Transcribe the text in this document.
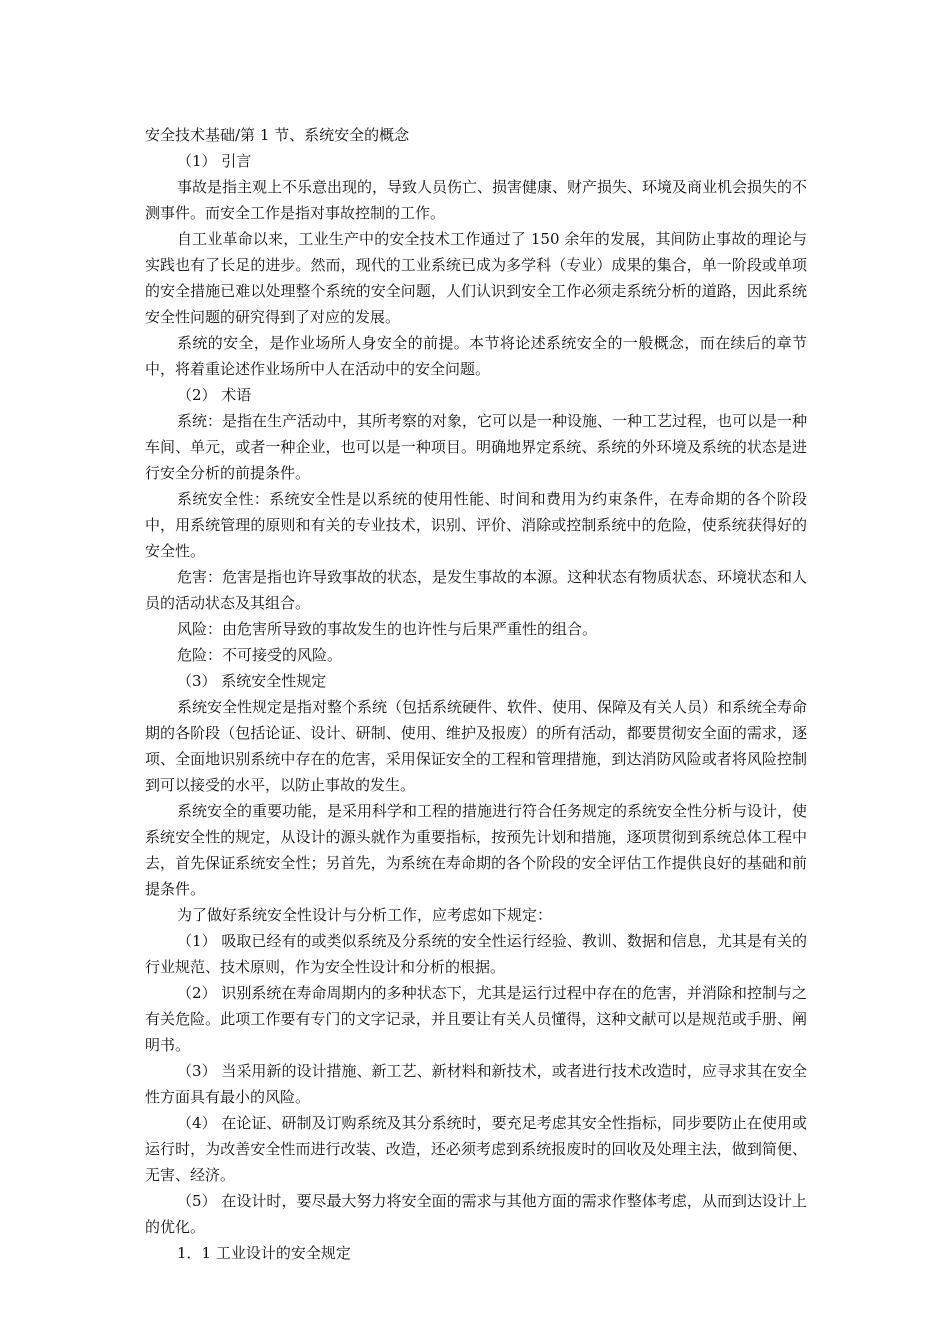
安全技术基础/第 1 节、系统安全的概念

（1） 引言

事故是指主观上不乐意出现的，导致人员伤亡、损害健康、财产损失、环境及商业机会损失的不测事件。而安全工作是指对事故控制的工作。

自工业革命以来，工业生产中的安全技术工作通过了 150 余年的发展，其间防止事故的理论与实践也有了长足的进步。然而，现代的工业系统已成为多学科（专业）成果的集合，单一阶段或单项的安全措施已难以处理整个系统的安全问题，人们认识到安全工作必须走系统分析的道路，因此系统安全性问题的研究得到了对应的发展。

系统的安全，是作业场所人身安全的前提。本节将论述系统安全的一般概念，而在续后的章节中，将着重论述作业场所中人在活动中的安全问题。

（2） 术语

系统：是指在生产活动中，其所考察的对象，它可以是一种设施、一种工艺过程，也可以是一种车间、单元，或者一种企业，也可以是一种项目。明确地界定系统、系统的外环境及系统的状态是进行安全分析的前提条件。

系统安全性：系统安全性是以系统的使用性能、时间和费用为约束条件，在寿命期的各个阶段中，用系统管理的原则和有关的专业技术，识别、评价、消除或控制系统中的危险，使系统获得好的安全性。

危害：危害是指也许导致事故的状态，是发生事故的本源。这种状态有物质状态、环境状态和人员的活动状态及其组合。

风险：由危害所导致的事故发生的也许性与后果严重性的组合。

危险：不可接受的风险。

（3） 系统安全性规定

系统安全性规定是指对整个系统（包括系统硬件、软件、使用、保障及有关人员）和系统全寿命期的各阶段（包括论证、设计、研制、使用、维护及报废）的所有活动，都要贯彻安全面的需求，逐项、全面地识别系统中存在的危害，采用保证安全的工程和管理措施，到达消防风险或者将风险控制到可以接受的水平，以防止事故的发生。

系统安全的重要功能，是采用科学和工程的措施进行符合任务规定的系统安全性分析与设计，使系统安全性的规定，从设计的源头就作为重要指标，按预先计划和措施，逐项贯彻到系统总体工程中去，首先保证系统安全性；另首先，为系统在寿命期的各个阶段的安全评估工作提供良好的基础和前提条件。

为了做好系统安全性设计与分析工作，应考虑如下规定：

（1） 吸取已经有的或类似系统及分系统的安全性运行经验、教训、数据和信息，尤其是有关的行业规范、技术原则，作为安全性设计和分析的根据。

（2） 识别系统在寿命周期内的多种状态下，尤其是运行过程中存在的危害，并消除和控制与之有关危险。此项工作要有专门的文字记录，并且要让有关人员懂得，这种文献可以是规范或手册、阐明书。

（3） 当采用新的设计措施、新工艺、新材料和新技术，或者进行技术改造时，应寻求其在安全性方面具有最小的风险。

（4） 在论证、研制及订购系统及其分系统时，要充足考虑其安全性指标，同步要防止在使用或运行时，为改善安全性而进行改装、改造，还必须考虑到系统报废时的回收及处理主法，做到简便、无害、经济。

（5） 在设计时，要尽最大努力将安全面的需求与其他方面的需求作整体考虑，从而到达设计上的优化。

1．1 工业设计的安全规定
